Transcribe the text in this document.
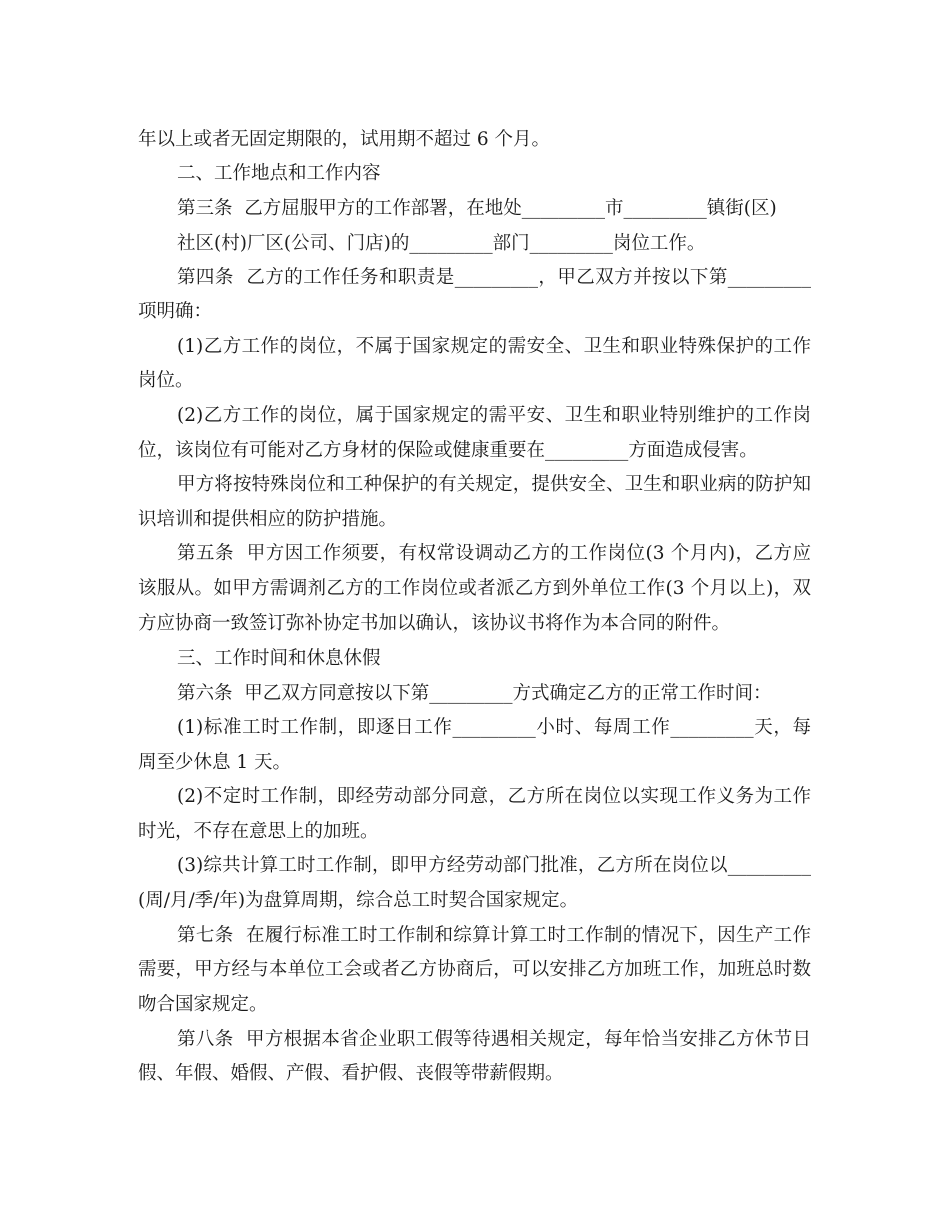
年以上或者无固定期限的，试用期不超过 6 个月。
二、工作地点和工作内容
第三条  乙方屈服甲方的工作部署，在地处_________市_________镇街(区)
社区(村)厂区(公司、门店)的_________部门_________岗位工作。
第四条  乙方的工作任务和职责是_________，甲乙双方并按以下第_________
项明确：
(1)乙方工作的岗位，不属于国家规定的需安全、卫生和职业特殊保护的工作
岗位。
(2)乙方工作的岗位，属于国家规定的需平安、卫生和职业特别维护的工作岗
位，该岗位有可能对乙方身材的保险或健康重要在_________方面造成侵害。
甲方将按特殊岗位和工种保护的有关规定，提供安全、卫生和职业病的防护知
识培训和提供相应的防护措施。
第五条  甲方因工作须要，有权常设调动乙方的工作岗位(3 个月内)，乙方应
该服从。如甲方需调剂乙方的工作岗位或者派乙方到外单位工作(3 个月以上)，双
方应协商一致签订弥补协定书加以确认，该协议书将作为本合同的附件。
三、工作时间和休息休假
第六条  甲乙双方同意按以下第_________方式确定乙方的正常工作时间：
(1)标准工时工作制，即逐日工作_________小时、每周工作_________天，每
周至少休息 1 天。
(2)不定时工作制，即经劳动部分同意，乙方所在岗位以实现工作义务为工作
时光，不存在意思上的加班。
(3)综共计算工时工作制，即甲方经劳动部门批准，乙方所在岗位以_________
(周/月/季/年)为盘算周期，综合总工时契合国家规定。
第七条  在履行标准工时工作制和综算计算工时工作制的情况下，因生产工作
需要，甲方经与本单位工会或者乙方协商后，可以安排乙方加班工作，加班总时数
吻合国家规定。
第八条  甲方根据本省企业职工假等待遇相关规定，每年恰当安排乙方休节日
假、年假、婚假、产假、看护假、丧假等带薪假期。
